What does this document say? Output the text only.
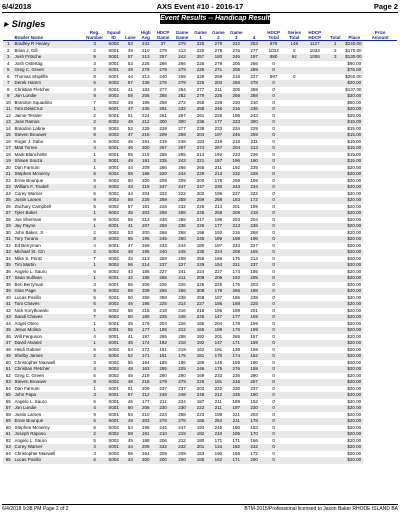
6/4/2018	AXS Event #10 - 2016-17	Page 2
Event Results -- Handicap Result
▶ Singles
		Reg.	Squad		High	HDCP	Game	Game	Game	Game		HDCP	Series	HDCP			Prize
	Bowler Name	Number	ID	Lane	Avg	Game	Game	1	2	3	4	Total	Total	HDCP	Total	Place	Amount
1	Bradley R Healey	3	S002	53	242	37	279	225	279	222	253	979	148	1127	1	$240.00	
2	Brian J. Gill	2	S001	49	210	278	213	220	278	276	277	1033	0	1033	2	$170.00	
3	Josh Fritsche	9	S001	57	213	257	242	257	180	246	197	880	92	1006	3	$130.00	
4	Josh Ostertag	3	S001	53	225	266	266	225	279	206	266	0				$90.00	
5	Greg C. Green	2	S001	49	279	279	279	225	271	206	289	0				$75.00	
6	Thomas Shipliffe	8	S001	44	213	240	269	229	259	218	227	997	0			$250.00	
7	Derek Hamm	6	S002	57	236	276	279	225	203	268	278	0				$20.00	
8	Christian Fletcher	4	S001	41	183	277	264	277	211	205	268	0				$137.00	
9	Jon Lundie	9	S002	59	206	288	282	279	225	269	268	0				$20.00	
10	Brandon Squadrito	7	S002	49	189	258	272	258	228	230	210	0				$60.00	
11	Tom DelaCruz	1	S001	47	236	281	232	258	246	216	236	0				$20.00	
12	Jaime Tessier	2	S001	51	224	261	267	261	226	196	243	0				$25.00	
13	Jose Ramos	2	S002	48	212	300	300	236	177	233	300	0				$15.00	
14	Brandon Labrie	8	S002	52	225	239	277	239	233	234	229	0				$15.00	
15	Steven Brouwer	8	S002	47	216	209	259	204	197	246	259	0				$15.00	
16	Roger J. Sabo	6	S002	45	191	219	248	193	219	218	211	0				$15.00	
17	Matt Torres	4	S001	46	200	267	267	274	267	204	213	0				$15.00	
18	Mark Blanchette	1	S001	55	219	255	255	214	192	233	236	0				$15.00	
19	Shawn Souza	2	S001	49	191	235	243	221	187	196	190	0				$15.00	
20	Dan Farnum	1	S001	44	209	266	266	266	211	192	235	0				$20.00	
21	Stephen Mcnerny	6	S002	56	186	220	244	229	213	232	228	0				$20.00	
22	Ernie Bourque	9	S002	50	200	209	209	200	178	259	189	0				$20.00	
23	William F. Trudell	4	S002	43	215	247	247	247	230	243	234	0				$20.00	
24	Corey Warner	6	S002	44	204	222	222	202	196	237	222	0				$20.00	
25	Justin Larsen	9	S002	58	225	259	259	259	258	183	172	0				$20.00	
26	Zachary Campbell	5	S002	57	181	226	232	226	214	201	189	0				$20.00	
27	Tyler Baker	1	S002	45	203	258	258	226	258	208	218	0				$20.00	
28	Joe Sherman	9	S002	56	213	248	268	217	196	203	204	0				$20.00	
29	Jay Payne	1	S001	41	207	258	236	225	177	213	236	0				$20.00	
30	John Baker, Jr	2	S002	53	200	268	268	196	192	216	268	0				$20.00	
31	Tory Turano	8	S002	55	195	245	250	245	189	199	196	0				$20.00	
32	Ed Berryman	4	S001	47	169	233	244	180	197	233	227	0				$20.00	
33	Michael St. Cin	2	S002	48	195	240	245	235	224	208	165	0				$20.00	
34	Mike S. Printz	7	S002	45	213	258	258	258	196	176	214	0				$20.00	
35	Tim Martin	1	S002	56	214	237	227	229	154	221	237	0				$20.00	
36	Angelo L. Sauro	6	S002	43	186	227	241	224	227	174	185	0				$20.00	
37	Sean Sullivan	1	S001	42	185	268	211	208	206	192	205	0				$20.00	
38	Ben Berryman	3	S001	56	206	226	226	226	225	175	203	0				$20.00	
39	Gian Page	9	S002	59	209	266	266	208	178	266	188	0				$20.00	
40	Lucas Posillo	5	S001	50	250	258	238	258	187	186	238	0				$20.00	
41	Tom Chaves	6	S002	49	195	225	214	227	186	168	225	0				$20.00	
42	Nick Korytkowski	8	S002	56	215	218	216	218	196	189	201	0				$20.00	
43	Sandi Chaves	7	S002	50	180	225	248	225	147	177	169	0				$20.00	
44	Angel Otero	1	S001	45	176	204	226	165	204	178	159	0				$20.00	
45	Jesus Molina	1	S001	55	177	189	212	165	189	176	169	0				$20.00	
46	Will Ferguson	4	S001	41	197	265	258	192	201	265	157	0				$20.00	
47	David Alvarez	1	S001	45	174	192	218	192	147	171	159	0				$20.00	
48	Heidi Gabriel	6	S002	54	172	191	219	162	191	139	159	0				$20.00	
49	Shelby James	2	S002	52	171	181	175	181	170	174	152	0				$20.00	
50	Christopher Maxwell	3	S002	56	164	189	186	189	145	169	180	0				$20.00	
51	Christian Fletcher	4	S002	48	163	295	225	246	175	276	158	0				$20.00	
52	Greg C. Green	6	S002	49	219	290	290	169	233	236	290	0				$20.00	
53	Steven Brouwer	8	S002	48	216	279	279	226	191	216	257	0				$20.00	
54	Dan Farnum	1	S001	51	209	237	237	203	222	230	237	0				$20.00	
55	John Papa	3	S001	57	212	248	248	248	212	235	190	0				$20.00	
56	Angelo L. Sauro	6	S001	45	177	211	234	187	211	189	152	0				$20.00	
57	Jon Lundie	4	S001	50	206	230	230	222	211	197	230	0				$20.00	
58	Justin Larsen	9	S001	54	210	223	258	223	198	221	203	0				$20.00	
59	Ernie Bourque	5	S001	49	203	278	278	165	254	211	178	0				$20.00	
60	Stephen Mcnerny	6	S002	54	196	245	247	193	245	190	163	0				$20.00	
61	Joseph Raposo	2	S002	59	191	210	219	182	210	195	170	0				$20.00	
62	Angelo L. Sauro	5	S002	45	188	206	212	180	171	171	166	0				$20.00	
63	Corey Warner	4	S001	44	206	232	232	201	134	182	232	0				$20.00	
64	Christopher Maxwell	3	S002	56	164	209	209	153	190	169	172	0				$20.00	
65	Lucas Posillo	6	S002	43	200	200	200	165	162	171	200	0				$20.00	
6/4/2018 9:38 PM Page 2 of 2	BTM-2015/Professional licensed to Jason Baker RHODE ISLAND BA
